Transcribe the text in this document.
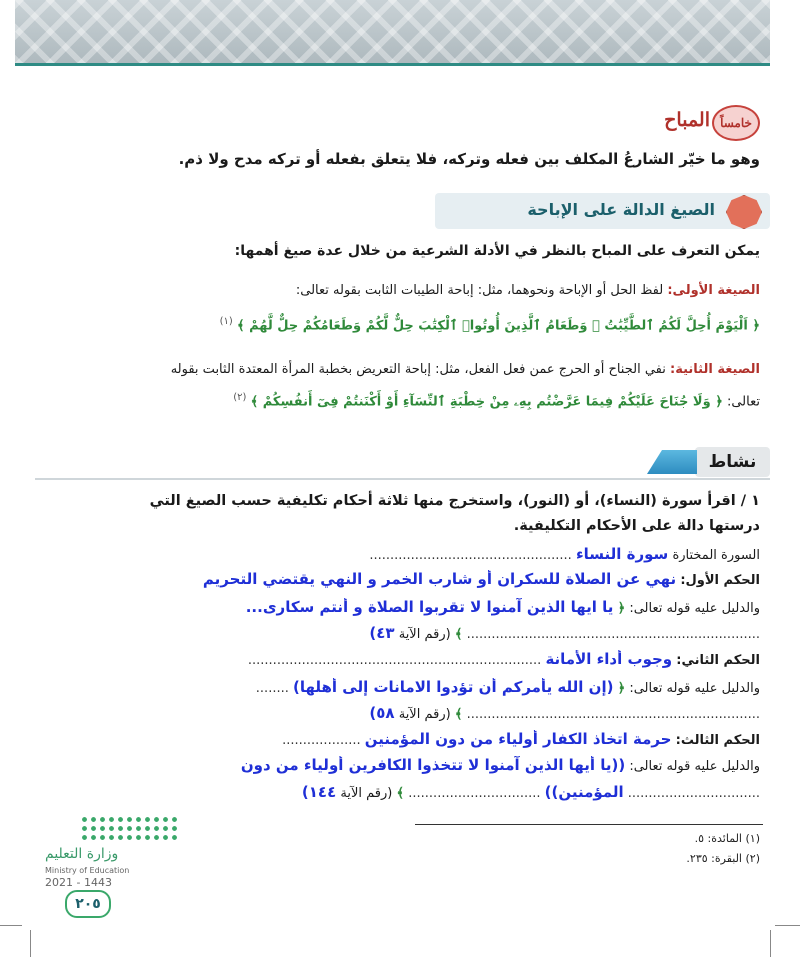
خامساً
المباح
وهو ما خيّر الشارعُ المكلف بين فعله وتركه، فلا يتعلق بفعله أو تركه مدح ولا ذم.
الصيغ الدالة على الإباحة
يمكن التعرف على المباح بالنظر في الأدلة الشرعية من خلال عدة صيغ أهمها:
الصيغة الأولى: لفظ الحل أو الإباحة ونحوهما، مثل: إباحة الطيبات الثابت بقوله تعالى:
﴿ اَلْيَوْمَ أُحِلَّ لَكُمُ ٱلطَّيِّبَٰتُ ۖ وَطَعَامُ ٱلَّذِينَ أُوتُوا۟ ٱلْكِتَٰبَ حِلٌّ لَّكُمْ وَطَعَامُكُمْ حِلٌّ لَّهُمْ ﴾ $^{(١)}$
الصيغة الثانية: نفي الجناح أو الحرج عمن فعل الفعل، مثل: إباحة التعريض بخطبة المرأة المعتدة الثابت بقوله
تعالى: ﴿ وَلَا جُنَاحَ عَلَيْكُمْ فِيمَا عَرَّضْتُم بِهِۦ مِنْ خِطْبَةِ ٱلنِّسَآءِ أَوْ أَكْنَنتُمْ فِىٓ أَنفُسِكُمْ ﴾ $^{(٢)}$
نشاط
١ / اقرأ سورة (النساء)، أو (النور)، واستخرج منها ثلاثة أحكام تكليفية حسب الصيغ التي
درستها دالة على الأحكام التكليفية.
السورة المختارة سورة النساء .................................................
الحكم الأول: نهي عن الصلاة للسكران أو شارب الخمر و النهي يقتضي التحريم
والدليل عليه قوله تعالى: ﴿ يا ايها الذين آمنوا لا تقربوا الصلاة و أنتم سكارى...
....................................................................... ﴾ (رقم الآية ٤٣)
الحكم الثاني: وجوب أداء الأمانة .......................................................................
والدليل عليه قوله تعالى: ﴿ (إن الله يأمركم أن تؤدوا الامانات إلى أهلها) ........
....................................................................... ﴾ (رقم الآية ٥٨)
الحكم الثالث: حرمة اتخاذ الكفار أولياء من دون المؤمنين ...................
والدليل عليه قوله تعالى: ((يا أيها الذين آمنوا لا تتخذوا الكافرين أولياء من دون
................................ المؤمنين)) ................................ ﴾ (رقم الآية ١٤٤)
وزارة التعليم
Ministry of Education
2021 - 1443
٢٠٥
(١) المائدة: ٥.
(٢) البقرة: ٢٣٥.
